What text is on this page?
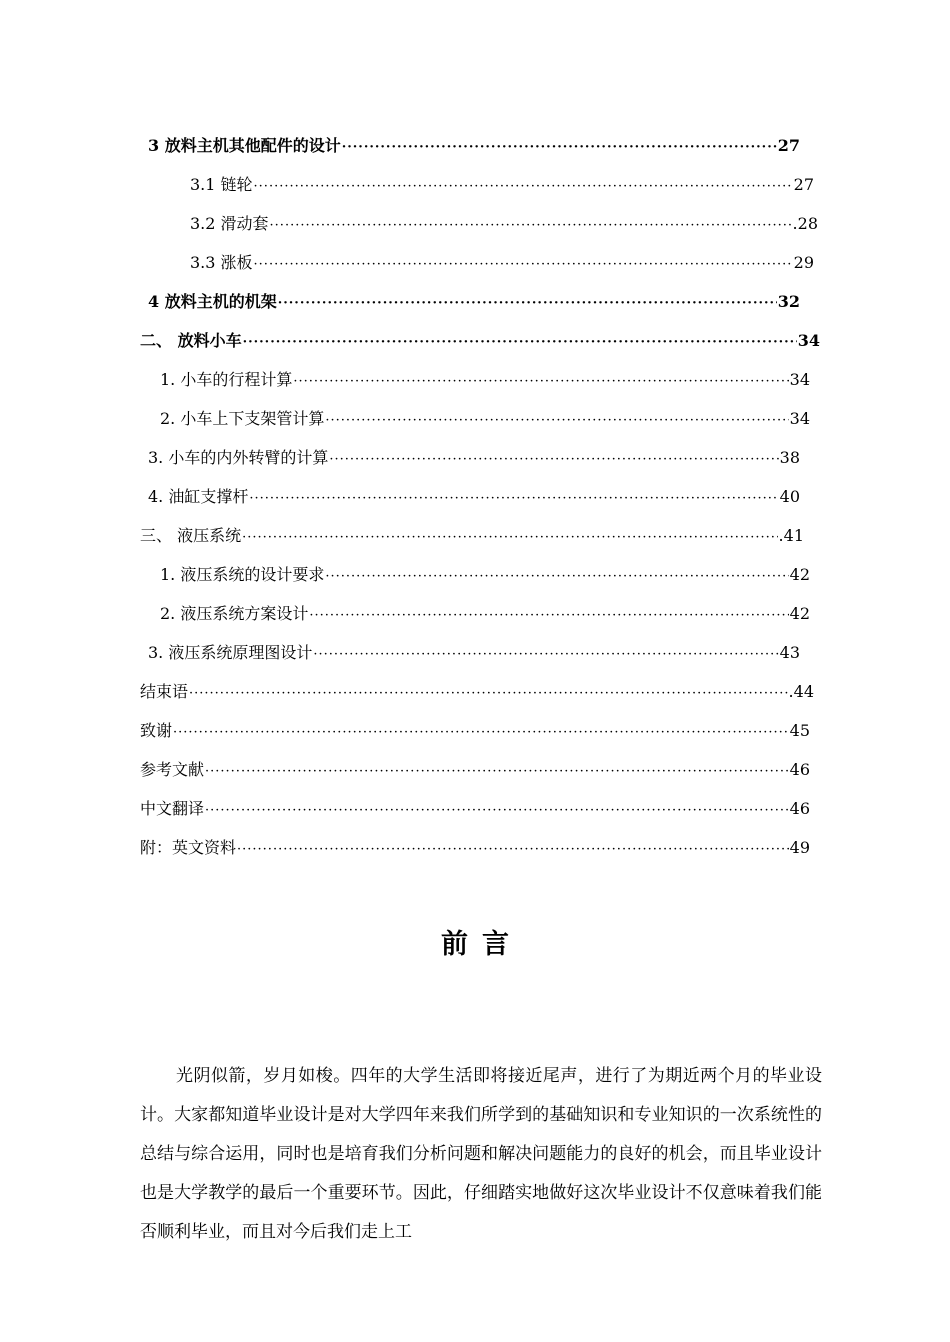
3 放料主机其他配件的设计 ·····	27
3.1 链轮 ·····	27
3.2 滑动套 ·····	.28
3.3 涨板 ·····	29
4 放料主机的机架 ·····	32
二、 放料小车 ·····	34
1. 小车的行程计算 ·····	34
2. 小车上下支架管计算 ·····	34
3. 小车的内外转臂的计算 ·····	38
4. 油缸支撑杆 ·····	40
三、 液压系统 ·····	.41
1. 液压系统的设计要求 ·····	42
2. 液压系统方案设计 ·····	42
3. 液压系统原理图设计 ·····	43
结束语 ·····	.44
致谢 ·····	45
参考文献 ·····	46
中文翻译 ·····	46
附：英文资料 ·····	49
前言

光阴似箭，岁月如梭。四年的大学生活即将接近尾声，进行了为期近两个月的毕业设计。大家都知道毕业设计是对大学四年来我们所学到的基础知识和专业知识的一次系统性的总结与综合运用，同时也是培育我们分析问题和解决问题能力的良好的机会，而且毕业设计也是大学教学的最后一个重要环节。因此，仔细踏实地做好这次毕业设计不仅意味着我们能否顺利毕业，而且对今后我们走上工
